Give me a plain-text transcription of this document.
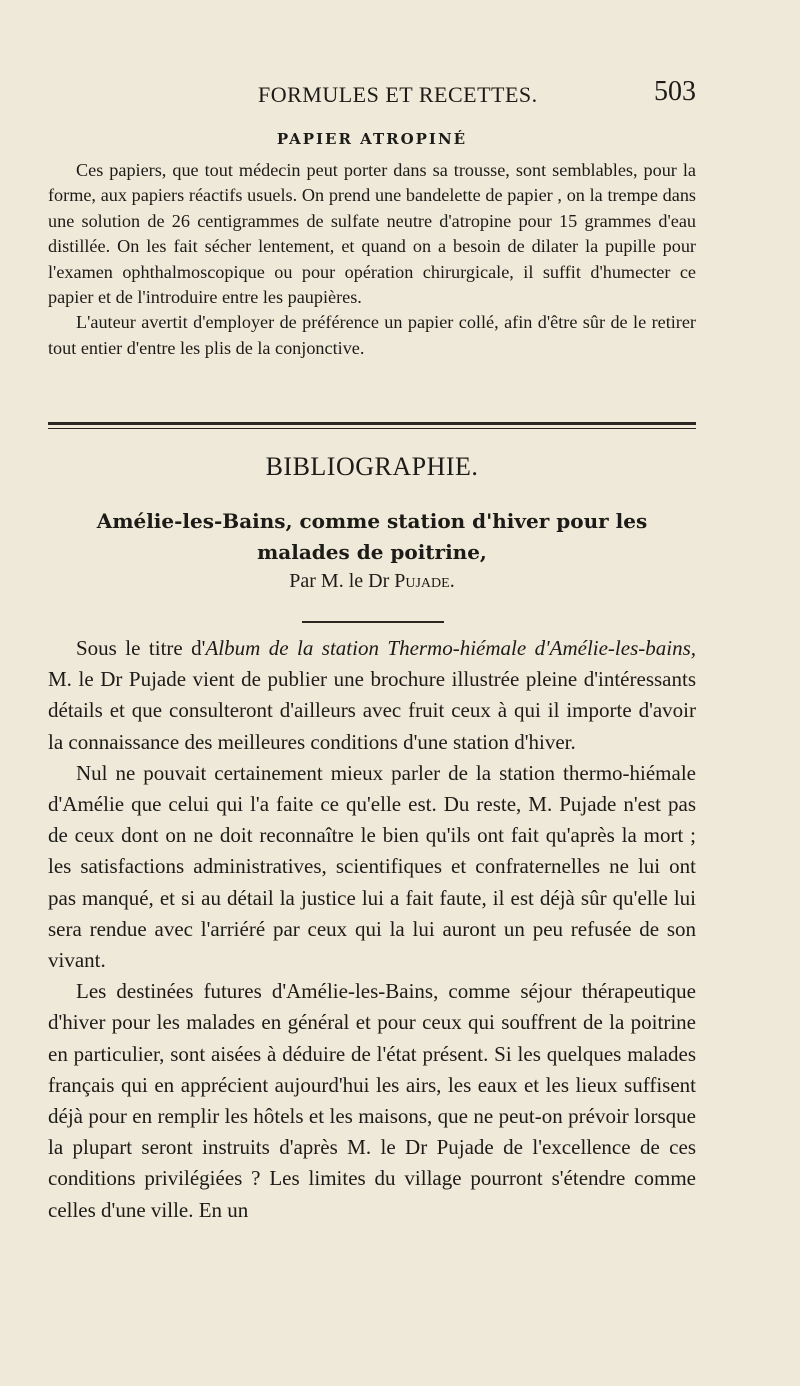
FORMULES ET RECETTES.	503
PAPIER ATROPINÉ

Ces papiers, que tout médecin peut porter dans sa trousse, sont semblables, pour la forme, aux papiers réactifs usuels. On prend une bandelette de papier , on la trempe dans une solution de 26 centigrammes de sulfate neutre d'atropine pour 15 grammes d'eau distillée. On les fait sécher lentement, et quand on a besoin de dilater la pupille pour l'examen ophthalmoscopique ou pour opération chirurgicale, il suffit d'humecter ce papier et de l'introduire entre les paupières.

L'auteur avertit d'employer de préférence un papier collé, afin d'être sûr de le retirer tout entier d'entre les plis de la conjonctive.

BIBLIOGRAPHIE.
Amélie-les-Bains, comme station d'hiver pour les
malades de poitrine,
Par M. le Dr Pujade.

Sous le titre d'Album de la station Thermo-hiémale d'Amélie-les-bains, M. le Dr Pujade vient de publier une brochure illustrée pleine d'intéressants détails et que consulteront d'ailleurs avec fruit ceux à qui il importe d'avoir la connaissance des meilleures conditions d'une station d'hiver.

Nul ne pouvait certainement mieux parler de la station thermo-hiémale d'Amélie que celui qui l'a faite ce qu'elle est. Du reste, M. Pujade n'est pas de ceux dont on ne doit reconnaître le bien qu'ils ont fait qu'après la mort ; les satisfactions administratives, scientifiques et confraternelles ne lui ont pas manqué, et si au détail la justice lui a fait faute, il est déjà sûr qu'elle lui sera rendue avec l'arriéré par ceux qui la lui auront un peu refusée de son vivant.

Les destinées futures d'Amélie-les-Bains, comme séjour thérapeutique d'hiver pour les malades en général et pour ceux qui souffrent de la poitrine en particulier, sont aisées à déduire de l'état présent. Si les quelques malades français qui en apprécient aujourd'hui les airs, les eaux et les lieux suffisent déjà pour en remplir les hôtels et les maisons, que ne peut-on prévoir lorsque la plupart seront instruits d'après M. le Dr Pujade de l'excellence de ces conditions privilégiées ? Les limites du village pourront s'étendre comme celles d'une ville. En un
